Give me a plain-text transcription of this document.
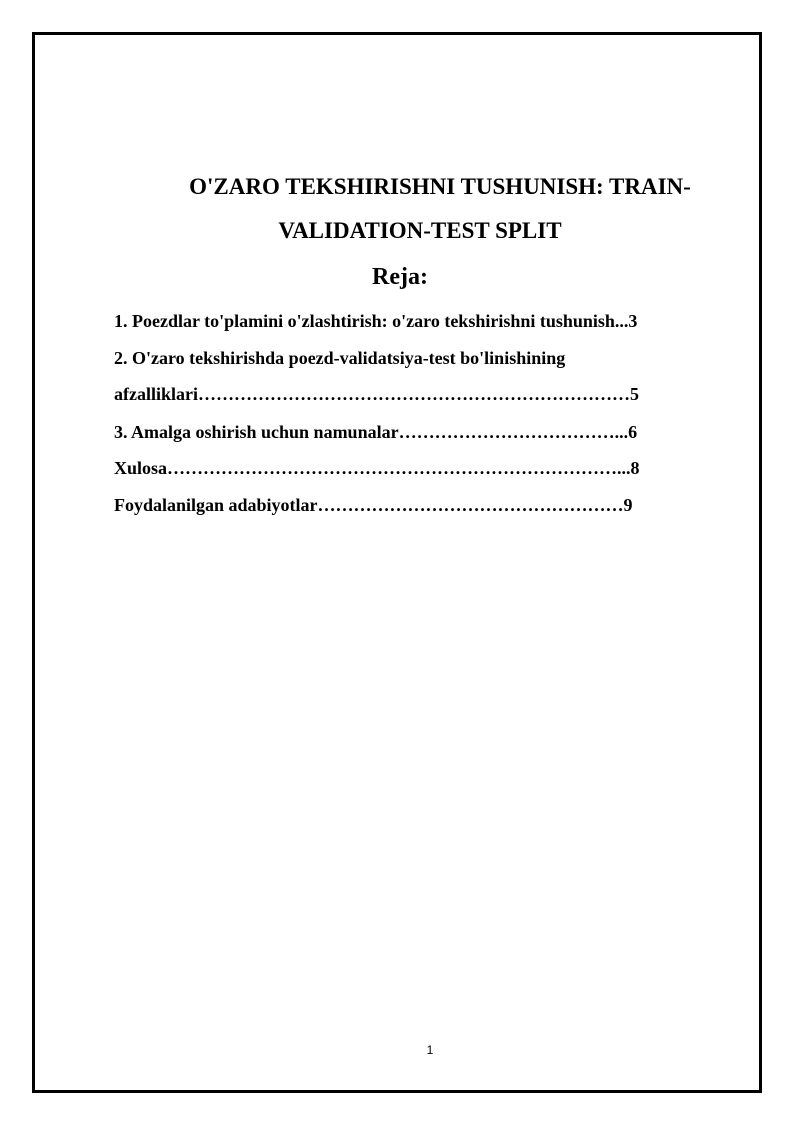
O'ZARO TEKSHIRISHNI TUSHUNISH: TRAIN-
VALIDATION-TEST SPLIT
Reja:
1. Poezdlar to'plamini o'zlashtirish: o'zaro tekshirishni tushunish...3
2. O'zaro tekshirishda poezd-validatsiya-test bo'linishining
afzalliklari………………………………………………………………5
3. Amalga oshirish uchun namunalar………………………………...6
Xulosa…………………………………………………………………...8
Foydalanilgan adabiyotlar……………………………………………9
1
